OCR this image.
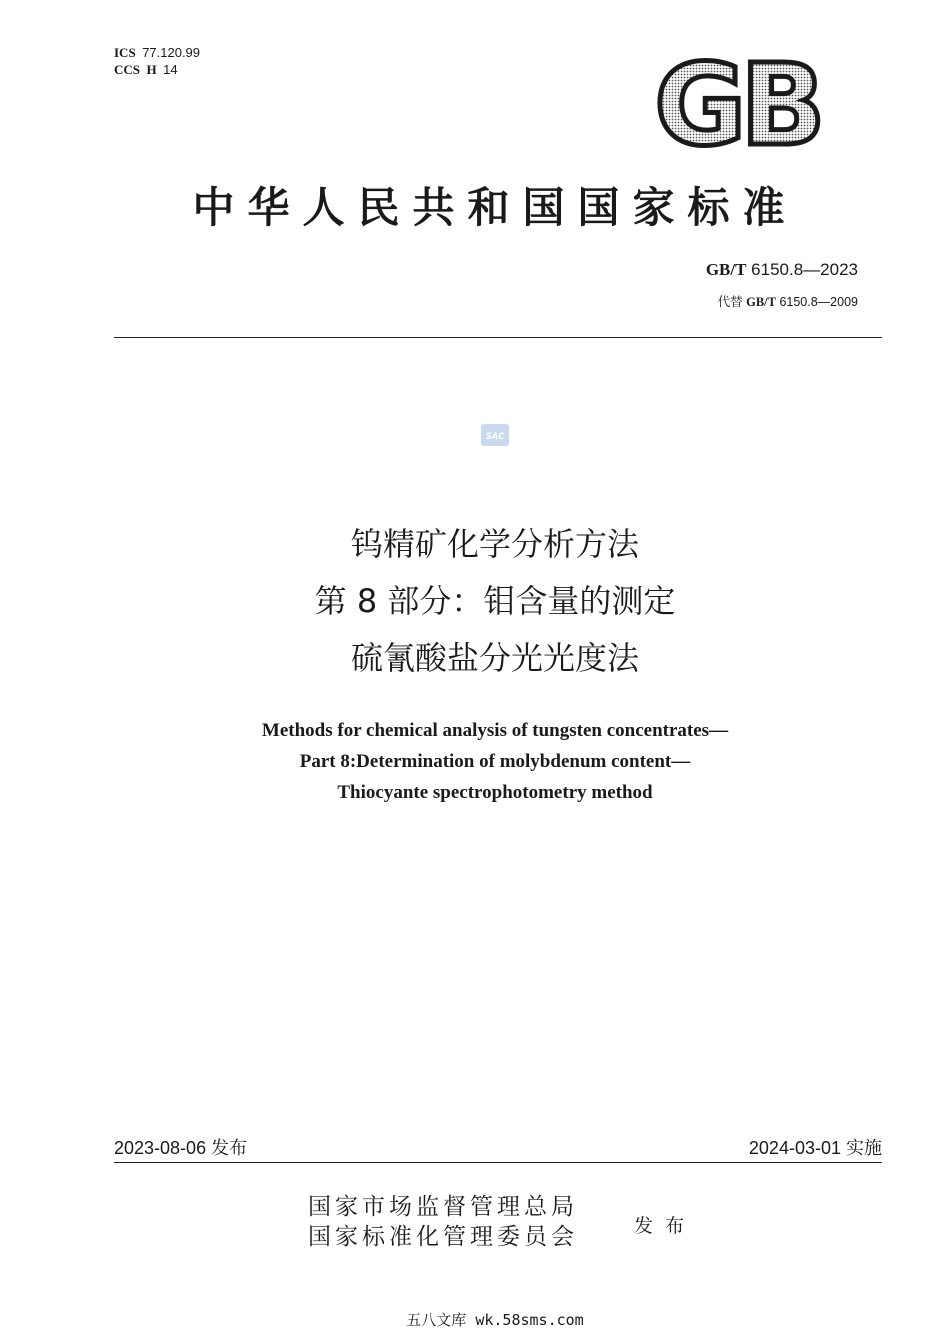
ICS 77.120.99
CCS H 14	GB
中华人民共和国国家标准
GB/T 6150.8—2023
代替 GB/T 6150.8—2009
SAC
钨精矿化学分析方法
第 8 部分：钼含量的测定
硫氰酸盐分光光度法
Methods for chemical analysis of tungsten concentrates—
Part 8:Determination of molybdenum content—
Thiocyante spectrophotometry method
2023-08-06 发布	2024-03-01 实施
国家市场监督管理总局
国家标准化管理委员会	发布
五八文库 wk.58sms.com
